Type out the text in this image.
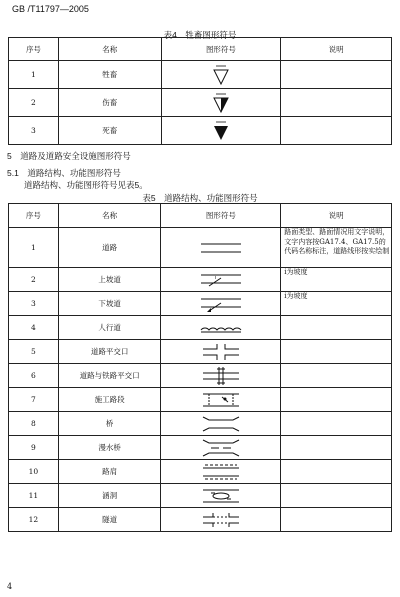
GB /T11797—2005
表4　牲畜图形符号
序号	名称	图形符号	说明
1	牲畜	

2	伤畜	

3	死畜	

5　道路及道路安全设施图形符号
5.1　道路结构、功能图形符号
道路结构、功能图形符号见表5。
表5　道路结构、功能图形符号
序号	名称	图形符号	说明
1	道路		路面类型、路面情况用文字说明，文字内容按GA17.4、GA17.5的代码名称标注，道路线形按实绘制
2	上坡道	i	i为坡度
3	下坡道		i为坡度
4	人行道	

5	道路平交口	

6	道路与铁路平交口	

7	施工路段	

8	桥	

9	漫水桥	

10	路肩	

11	涵洞	

12	隧道	

4
